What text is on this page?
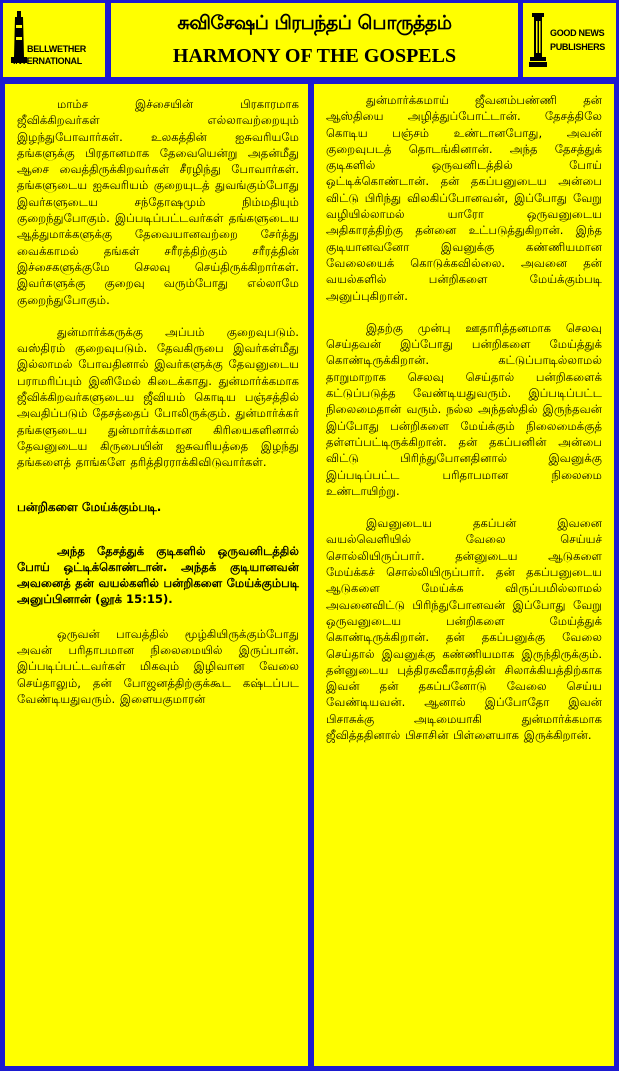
BELLWETHER
INTERNATIONAL
சுவிசேஷப் பிரபந்தப் பொருத்தம்
HARMONY OF THE GOSPELS
GOOD NEWS
PUBLISHERS

மாம்ச இச்சையின் பிரகாரமாக ஜீவிக்கிறவர்கள் எல்லாவற்றையும் இழந்துபோவார்கள். உலகத்தின் ஐசுவரியமே தங்களுக்கு பிரதானமாக தேவையென்று அதன்மீது ஆசை வைத்திருக்கிறவர்கள் சீரழிந்து போவார்கள். தங்களுடைய ஐசுவரியம் குறையுடத் துவங்கும்போது இவர்களுடைய சந்தோஷமும் நிம்மதியும் குறைந்துபோகும். இப்படிப்பட்டவர்கள் தங்களுடைய ஆத்துமாக்களுக்கு தேவையானவற்றை சேர்த்து வைக்காமல் தங்கள் சரீரத்திற்கும் சரீரத்தின் இச்சைகளுக்குமே செலவு செய்திருக்கிறார்கள். இவர்களுக்கு குறைவு வரும்போது எல்லாமே குறைந்துபோகும்.

துன்மார்க்கருக்கு அப்பம் குறைவுபடும். வஸ்திரம் குறைவுபடும். தேவகிருபை இவர்கள்மீது இல்லாமல் போவதினால் இவர்களுக்கு தேவனுடைய பராமரிப்பும் இனிமேல் கிடைக்காது. துன்மார்க்கமாக ஜீவிக்கிறவர்களுடைய ஜீவியம் கொடிய பஞ்சத்தில் அவதிப்படும் தேசத்தைப் போலிருக்கும். துன்மார்க்கர் தங்களுடைய துன்மார்க்கமான கிரியைகளினால் தேவனுடைய கிருபையின் ஐசுவரியத்தை இழந்து தங்களைத் தாங்களே தரித்திரராக்கிவிடுவார்கள்.

பன்றிகளை மேய்க்கும்படி.

அந்த தேசத்துக் குடிகளில் ஒருவனிடத்தில் போய் ஒட்டிக்கொண்டான். அந்தக் குடியானவன் அவனைத் தன் வயல்களில் பன்றிகளை மேய்க்கும்படி அனுப்பினான் (லூக் 15:15).

ஒருவன் பாவத்தில் மூழ்கியிருக்கும்போது அவன் பரிதாபமான நிலைமையில் இருப்பான். இப்படிப்பட்டவர்கள் மிகவும் இழிவான வேலை செய்தாலும், தன் போஜனத்திற்குக்கூட கஷ்டப்பட வேண்டியதுவரும். இளையகுமாரன்

துன்மார்க்கமாய் ஜீவனம்பண்ணி தன் ஆஸ்தியை அழித்துப்போட்டான். தேசத்திலே கொடிய பஞ்சம் உண்டானபோது, அவன் குறைவுபடத் தொடங்கினான். அந்த தேசத்துக் குடிகளில் ஒருவனிடத்தில் போய் ஒட்டிக்கொண்டான். தன் தகப்பனுடைய அன்பை விட்டு பிரிந்து விலகிப்போனவன், இப்போது வேறு வழியில்லாமல் யாரோ ஒருவனுடைய அதிகாரத்திற்கு தன்னை உட்படுத்துகிறான். இந்த குடியானவனோ இவனுக்கு கண்ணியமான வேலையைக் கொடுக்கவில்லை. அவனை தன் வயல்களில் பன்றிகளை மேய்க்கும்படி அனுப்புகிறான்.

இதற்கு முன்பு ஊதாரித்தனமாக செலவு செய்தவன் இப்போது பன்றிகளை மேய்த்துக் கொண்டிருக்கிறான். கட்டுப்பாடில்லாமல் தாறுமாறாக செலவு செய்தால் பன்றிகளைக் கட்டுப்படுத்த வேண்டியதுவரும். இப்படிப்பட்ட நிலைமைதான் வரும். நல்ல அந்தஸ்தில் இருந்தவன் இப்போது பன்றிகளை மேய்க்கும் நிலைமைக்குத் தள்ளப்பட்டிருக்கிறான். தன் தகப்பனின் அன்பை விட்டு பிரிந்துபோனதினால் இவனுக்கு இப்படிப்பட்ட பரிதாபமான நிலைமை உண்டாயிற்று.

இவனுடைய தகப்பன் இவனை வயல்வெளியில் வேலை செய்யச் சொல்லியிருப்பார். தன்னுடைய ஆடுகளை மேய்க்கச் சொல்லியிருப்பார். தன் தகப்பனுடைய ஆடுகளை மேய்க்க விருப்பமில்லாமல் அவனைவிட்டு பிரிந்துபோனவன் இப்போது வேறு ஒருவனுடைய பன்றிகளை மேய்த்துக் கொண்டிருக்கிறான். தன் தகப்பனுக்கு வேலை செய்தால் இவனுக்கு கண்ணியமாக இருந்திருக்கும். தன்னுடைய புத்திரசுவீகாரத்தின் சிலாக்கியத்திற்காக இவன் தன் தகப்பனோடு வேலை செய்ய வேண்டியவன். ஆனால் இப்போதோ இவன் பிசாசுக்கு அடிமையாகி துன்மார்க்கமாக ஜீவித்ததினால் பிசாசின் பிள்ளையாக இருக்கிறான்.
